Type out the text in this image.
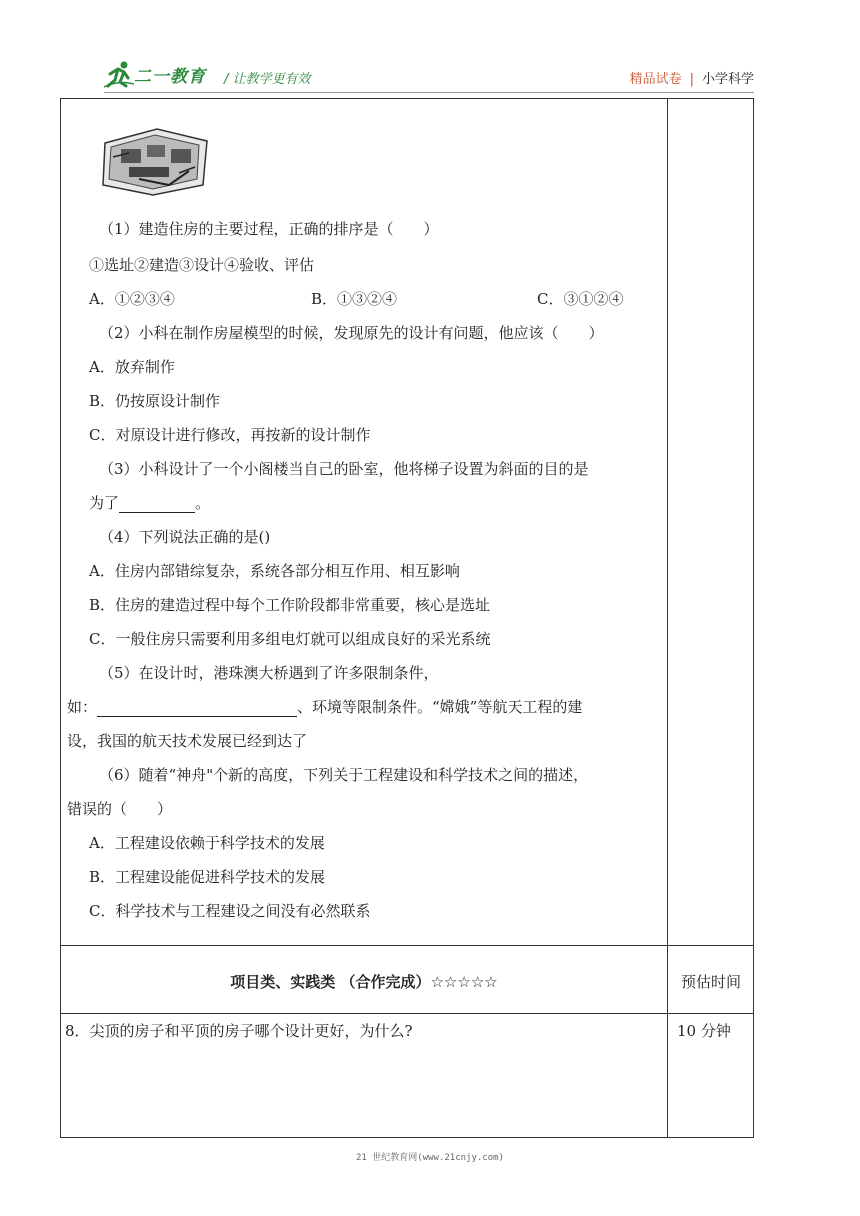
二一教育 / 让教学更有效	精品试卷 | 小学科学
（1）建造住房的主要过程，正确的排序是（　　）
①选址②建造③设计④验收、评估
A．①②③④	B．①③②④	C．③①②④
（2）小科在制作房屋模型的时候，发现原先的设计有问题，他应该（　　）
A．放弃制作
B．仍按原设计制作
C．对原设计进行修改，再按新的设计制作
（3）小科设计了一个小阁楼当自己的卧室，他将梯子设置为斜面的目的是
为了	。
（4）下列说法正确的是()
A．住房内部错综复杂，系统各部分相互作用、相互影响
B．住房的建造过程中每个工作阶段都非常重要，核心是选址
C．一般住房只需要利用多组电灯就可以组成良好的采光系统
（5）在设计时，港珠澳大桥遇到了许多限制条件，
如：	、环境等限制条件。“嫦娥”等航天工程的建
设，我国的航天技术发展已经到达了
（6）随着“神舟"个新的高度，下列关于工程建设和科学技术之间的描述，
错误的（　　）
A．工程建设依赖于科学技术的发展
B．工程建设能促进科学技术的发展
C．科学技术与工程建设之间没有必然联系
项目类、实践类 （合作完成）☆☆☆☆☆	预估时间
8．尖顶的房子和平顶的房子哪个设计更好，为什么?	10 分钟
21 世纪教育网(www.21cnjy.com)
